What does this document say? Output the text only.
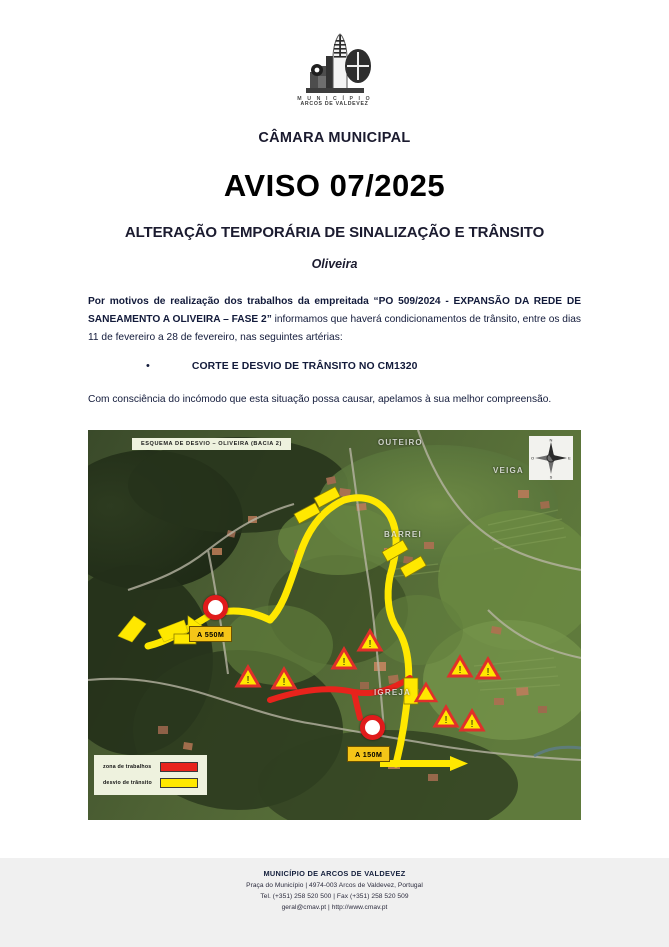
M U N I C Í P I O
ARCOS DE VALDEVEZ
CÂMARA MUNICIPAL
AVISO 07/2025
ALTERAÇÃO TEMPORÁRIA DE SINALIZAÇÃO E TRÂNSITO
Oliveira
Por motivos de realização dos trabalhos da empreitada “PO 509/2024 - EXPANSÃO DA REDE DE SANEAMENTO A OLIVEIRA – FASE 2” informamos que haverá condicionamentos de trânsito, entre os dias 11 de fevereiro a 28 de fevereiro, nas seguintes artérias:
•	CORTE E DESVIO DE TRÂNSITO NO CM1320
Com consciência do incómodo que esta situação possa causar, apelamos à sua melhor compreensão.
!	!
!
!
!	!
! !
ESQUEMA DE DESVIO – OLIVEIRA (BACIA 2)	OUTEIRO
VEIGA
BARREI
IGREJA
N
E
S
O
A 550M
A 150M
zona de trabalhos
desvio de trânsito
MUNICÍPIO DE ARCOS DE VALDEVEZ
Praça do Município | 4974-003 Arcos de Valdevez, Portugal
Tel. (+351) 258 520 500 | Fax (+351) 258 520 509
geral@cmav.pt | http://www.cmav.pt
